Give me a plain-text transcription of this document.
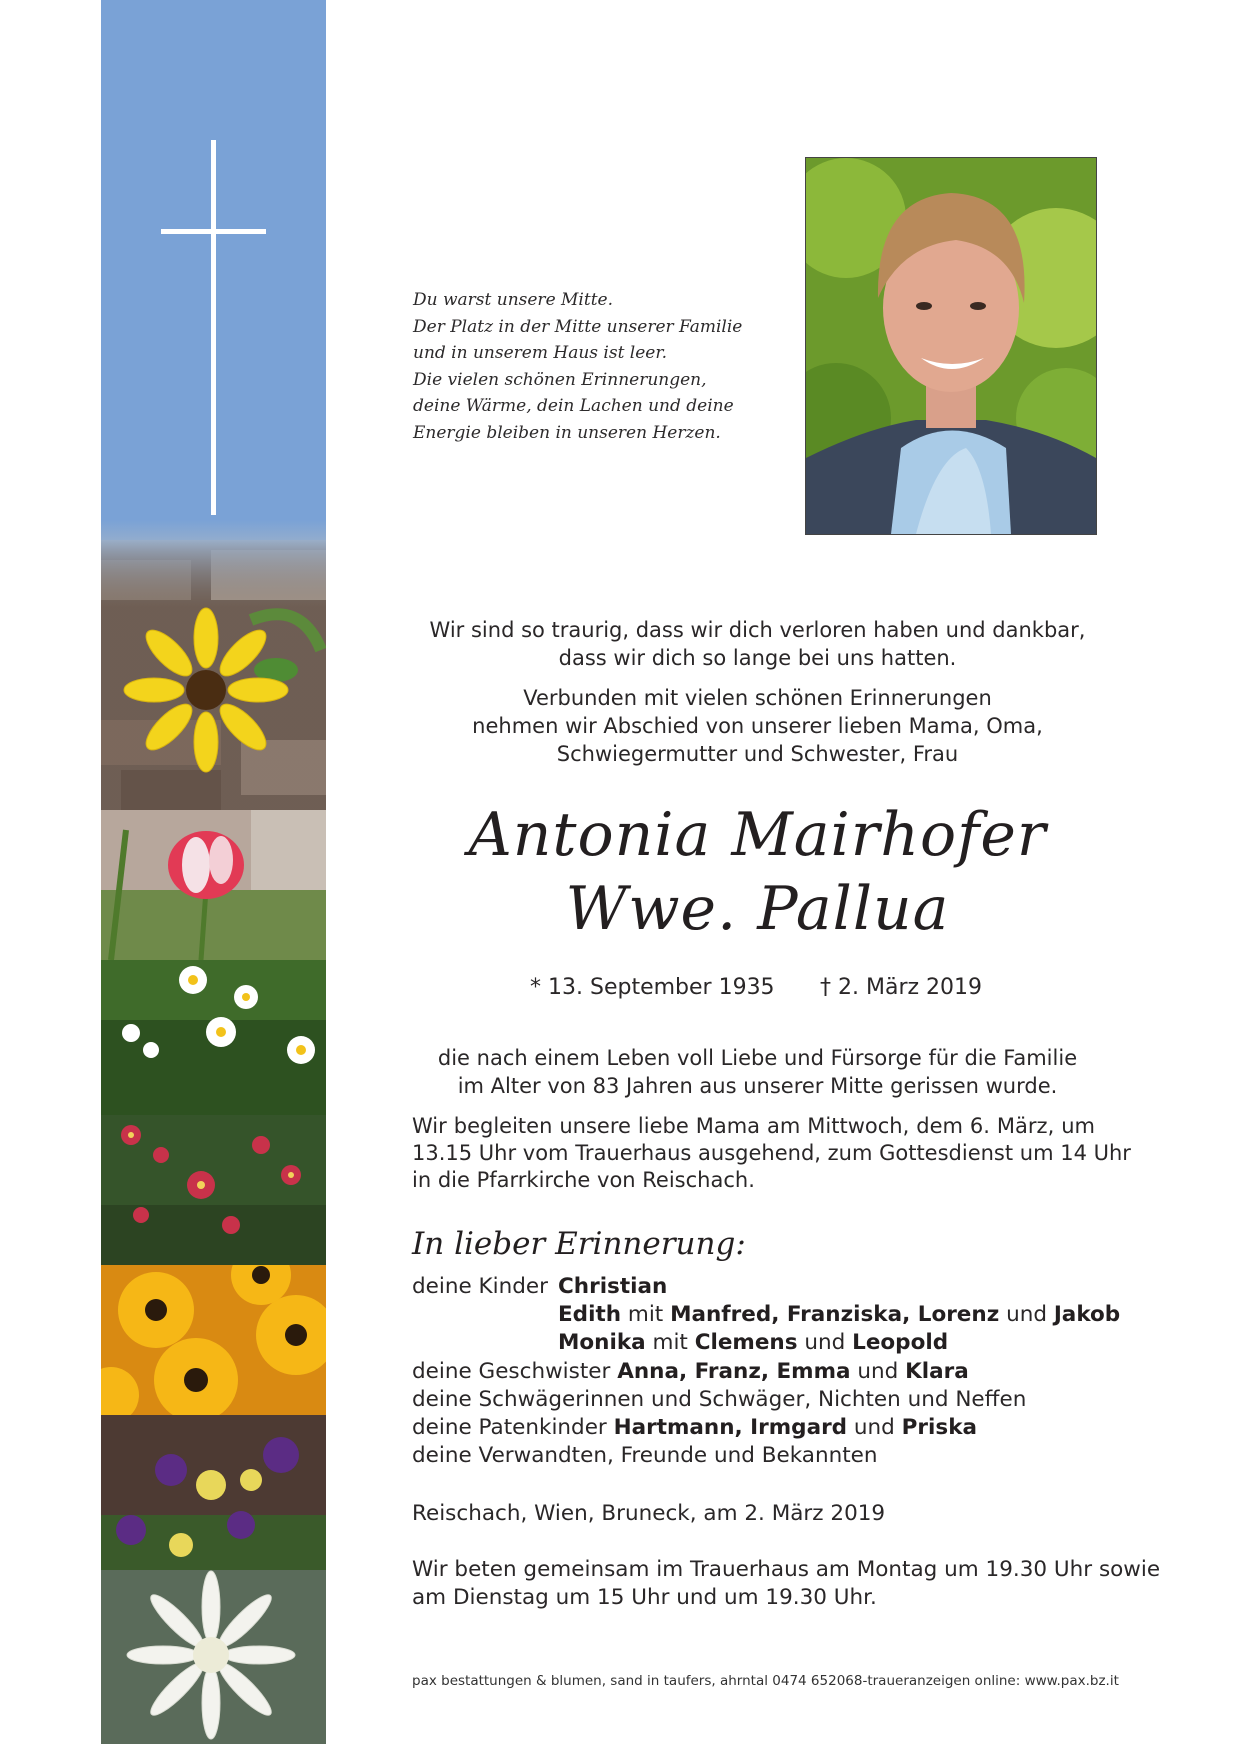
Du warst unsere Mitte.
Der Platz in der Mitte unserer Familie
und in unserem Haus ist leer.
Die vielen schönen Erinnerungen,
deine Wärme, dein Lachen und deine
Energie bleiben in unseren Herzen.
Wir sind so traurig, dass wir dich verloren haben und dankbar,
dass wir dich so lange bei uns hatten.
Verbunden mit vielen schönen Erinnerungen
nehmen wir Abschied von unserer lieben Mama, Oma,
Schwiegermutter und Schwester, Frau
Antonia Mairhofer
Wwe. Pallua
* 13. September 1935 † 2. März 2019
die nach einem Leben voll Liebe und Fürsorge für die Familie
im Alter von 83 Jahren aus unserer Mitte gerissen wurde.
Wir begleiten unsere liebe Mama am Mittwoch, dem 6. März, um
13.15 Uhr vom Trauerhaus ausgehend, zum Gottesdienst um 14 Uhr
in die Pfarrkirche von Reischach.
In lieber Erinnerung:
deine Kinder Christian
Edith mit Manfred, Franziska, Lorenz und Jakob
Monika mit Clemens und Leopold
deine Geschwister Anna, Franz, Emma und Klara
deine Schwägerinnen und Schwäger, Nichten und Neffen
deine Patenkinder Hartmann, Irmgard und Priska
deine Verwandten, Freunde und Bekannten
Reischach, Wien, Bruneck, am 2. März 2019
Wir beten gemeinsam im Trauerhaus am Montag um 19.30 Uhr sowie
am Dienstag um 15 Uhr und um 19.30 Uhr.
pax bestattungen & blumen, sand in taufers, ahrntal 0474 652068-traueranzeigen online: www.pax.bz.it
